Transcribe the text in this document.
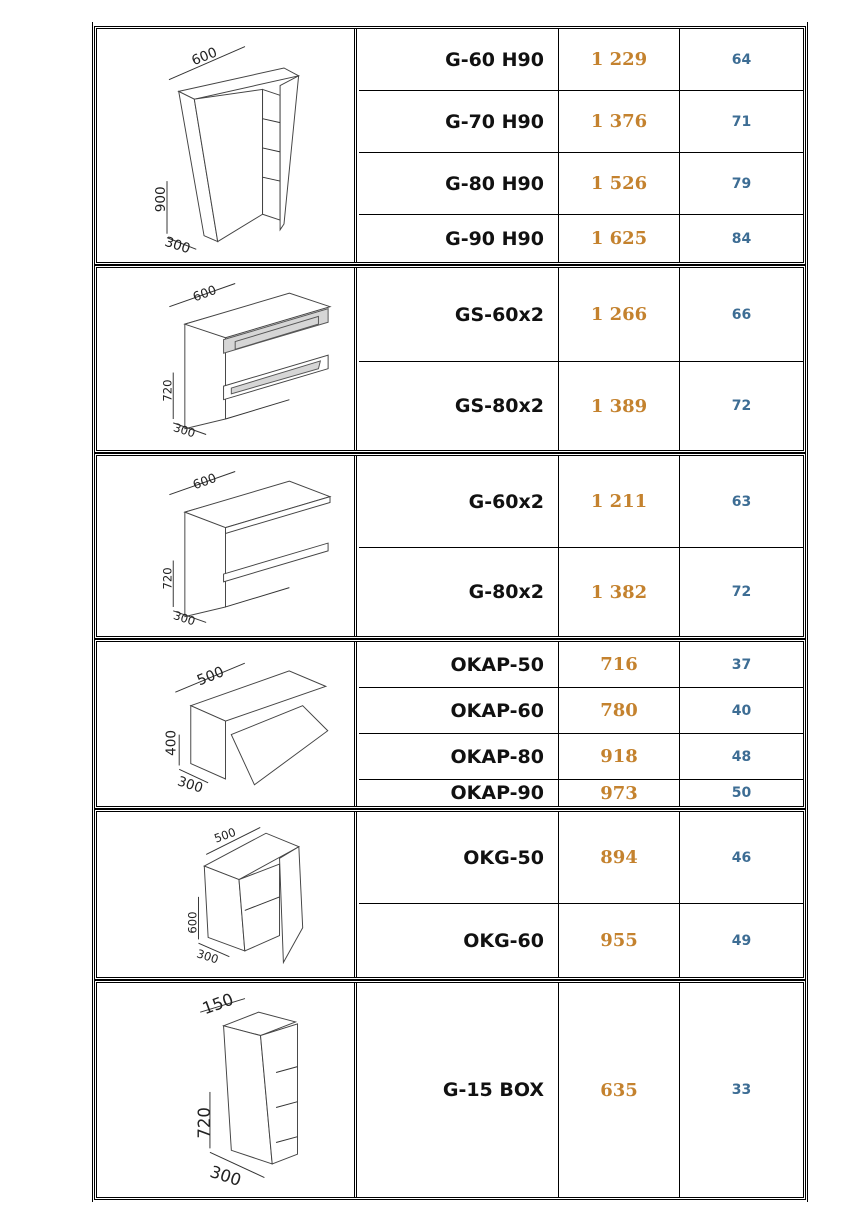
600
900
300
G-60 H90	1 229	64
G-70 H90	1 376	71
G-80 H90	1 526	79
G-90 H90	1 625	84
600
720
300
GS-60x2	1 266	66
GS-80x2	1 389	72
600
720
300
G-60x2	1 211	63
G-80x2	1 382	72
500
400
300
OKAP-50	716	37
OKAP-60	780	40
OKAP-80	918	48
OKAP-90	973	50
500
600
300
OKG-50	894	46
OKG-60	955	49
150
720
300
G-15 BOX	635	33
